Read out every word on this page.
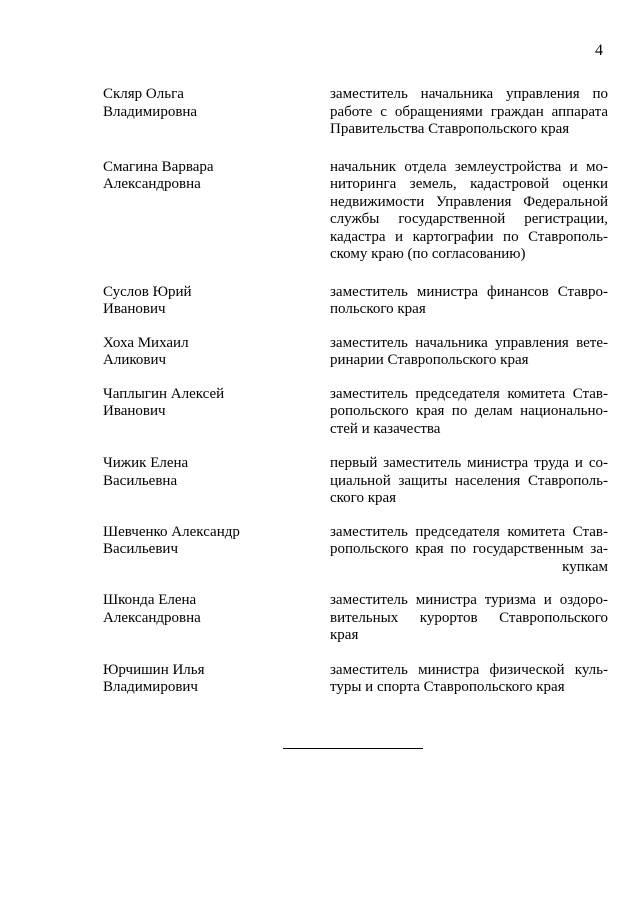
4
Скляр Ольга
Владимировна
заместитель начальника управления по
работе с обращениями граждан аппарата
Правительства Ставропольского края
Смагина Варвара
Александровна
начальник отдела землеустройства и мо-
ниторинга земель, кадастровой оценки
недвижимости Управления Федеральной
службы государственной регистрации,
кадастра и картографии по Ставрополь-
скому краю (по согласованию)
Суслов Юрий
Иванович
заместитель министра финансов Ставро-
польского края
Хоха Михаил
Аликович
заместитель начальника управления вете-
ринарии Ставропольского края
Чаплыгин Алексей
Иванович
заместитель председателя комитета Став-
ропольского края по делам национально-
стей и казачества
Чижик Елена
Васильевна
первый заместитель министра труда и со-
циальной защиты населения Ставрополь-
ского края
Шевченко Александр
Васильевич
заместитель председателя комитета Став-
ропольского края по государственным за-
купкам
Шконда Елена
Александровна
заместитель министра туризма и оздоро-
вительных курортов Ставропольского
края
Юрчишин Илья
Владимирович
заместитель министра физической куль-
туры и спорта Ставропольского края
